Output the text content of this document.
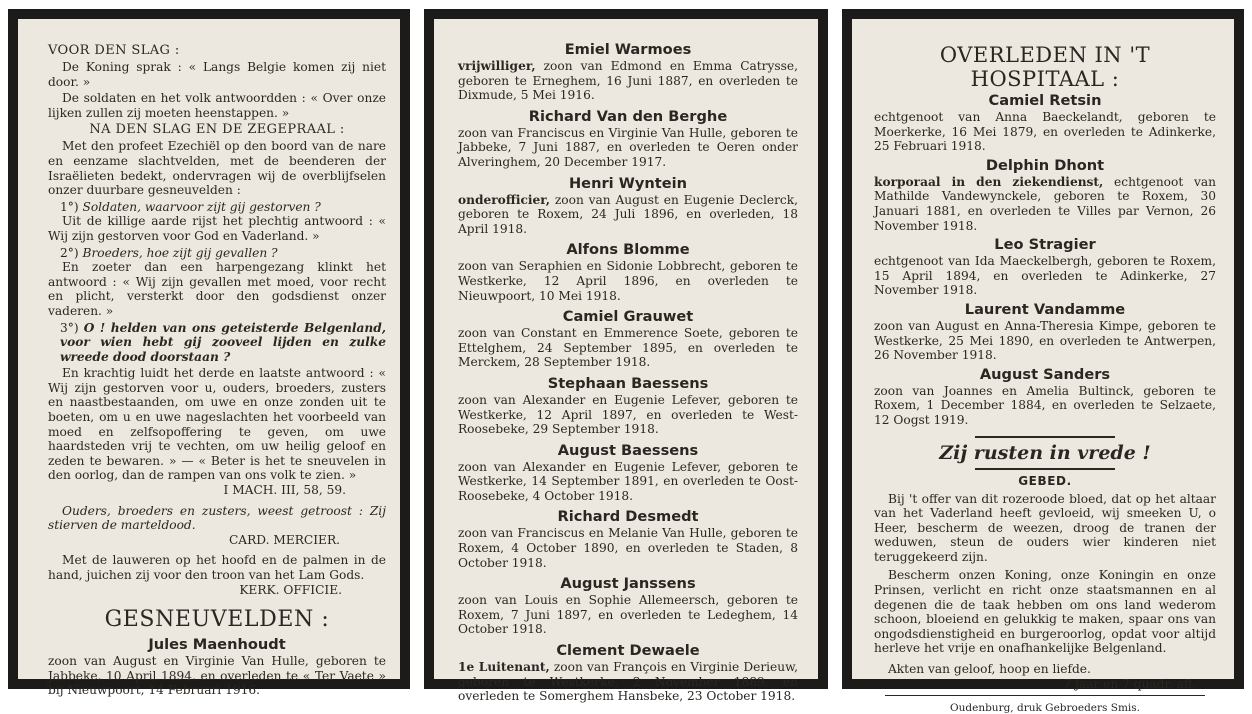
VOOR DEN SLAG :
De Koning sprak : « Langs Belgie komen zij niet door. »
De soldaten en het volk antwoordden : « Over onze lijken zullen zij moeten heenstappen. »
NA DEN SLAG EN DE ZEGEPRAAL :
Met den profeet Ezechiël op den boord van de nare en eenzame slachtvelden, met de beenderen der Israëlieten bedekt, ondervragen wij de overblijfselen onzer duurbare gesneuvelden :
1°) Soldaten, waarvoor zijt gij gestorven ?
Uit de killige aarde rijst het plechtig antwoord : « Wij zijn gestorven voor God en Vaderland. »
2°) Broeders, hoe zijt gij gevallen ?
En zoeter dan een harpengezang klinkt het antwoord : « Wij zijn gevallen met moed, voor recht en plicht, versterkt door den godsdienst onzer vaderen. »
3°) O ! helden van ons geteisterde Belgenland, voor wien hebt gij zooveel lijden en zulke wreede dood doorstaan ?
En krachtig luidt het derde en laatste antwoord : « Wij zijn gestorven voor u, ouders, broeders, zusters en naastbestaanden, om uwe en onze zonden uit te boeten, om u en uwe nageslachten het voorbeeld van moed en zelfsopoffering te geven, om uwe haardsteden vrij te vechten, om uw heilig geloof en zeden te bewaren. » — « Beter is het te sneuvelen in den oorlog, dan de rampen van ons volk te zien. »
I MACH. III, 58, 59.
Ouders, broeders en zusters, weest getroost : Zij stierven de marteldood.
CARD. MERCIER.
Met de lauweren op het hoofd en de palmen in de hand, juichen zij voor den troon van het Lam Gods.
KERK. OFFICIE.
GESNEUVELDEN :
Jules Maenhoudt
zoon van August en Virginie Van Hulle, geboren te Jabbeke, 10 April 1894, en overleden te « Ter Vaete » bij Nieuwpoort, 14 Februari 1916.
Emiel Warmoes
vrijwilliger, zoon van Edmond en Emma Catrysse, geboren te Erneghem, 16 Juni 1887, en overleden te Dixmude, 5 Mei 1916.
Richard Van den Berghe
zoon van Franciscus en Virginie Van Hulle, geboren te Jabbeke, 7 Juni 1887, en overleden te Oeren onder Alveringhem, 20 December 1917.
Henri Wyntein
onderofficier, zoon van August en Eugenie Declerck, geboren te Roxem, 24 Juli 1896, en overleden, 18 April 1918.
Alfons Blomme
zoon van Seraphien en Sidonie Lobbrecht, geboren te Westkerke, 12 April 1896, en overleden te Nieuwpoort, 10 Mei 1918.
Camiel Grauwet
zoon van Constant en Emmerence Soete, geboren te Ettelghem, 24 September 1895, en overleden te Merckem, 28 September 1918.
Stephaan Baessens
zoon van Alexander en Eugenie Lefever, geboren te Westkerke, 12 April 1897, en overleden te West-Roosebeke, 29 September 1918.
August Baessens
zoon van Alexander en Eugenie Lefever, geboren te Westkerke, 14 September 1891, en overleden te Oost-Roosebeke, 4 October 1918.
Richard Desmedt
zoon van Franciscus en Melanie Van Hulle, geboren te Roxem, 4 October 1890, en overleden te Staden, 8 October 1918.
August Janssens
zoon van Louis en Sophie Allemeersch, geboren te Roxem, 7 Juni 1897, en overleden te Ledeghem, 14 October 1918.
Clement Dewaele
1e Luitenant, zoon van François en Virginie Derieuw, geboren te Westkerke, 2 November 1889, en overleden te Somerghem Hansbeke, 23 October 1918.
OVERLEDEN IN 'T HOSPITAAL :
Camiel Retsin
echtgenoot van Anna Baeckelandt, geboren te Moerkerke, 16 Mei 1879, en overleden te Adinkerke, 25 Februari 1918.
Delphin Dhont
korporaal in den ziekendienst, echtgenoot van Mathilde Vandewynckele, geboren te Roxem, 30 Januari 1881, en overleden te Villes par Vernon, 26 November 1918.
Leo Stragier
echtgenoot van Ida Maeckelbergh, geboren te Roxem, 15 April 1894, en overleden te Adinkerke, 27 November 1918.
Laurent Vandamme
zoon van August en Anna-Theresia Kimpe, geboren te Westkerke, 25 Mei 1890, en overleden te Antwerpen, 26 November 1918.
August Sanders
zoon van Joannes en Amelia Bultinck, geboren te Roxem, 1 December 1884, en overleden te Selzaete, 12 Oogst 1919.
Zij rusten in vrede !
GEBED.
Bij 't offer van dit rozeroode bloed, dat op het altaar van het Vaderland heeft gevloeid, wij smeeken U, o Heer, bescherm de weezen, droog de tranen der weduwen, steun de ouders wier kinderen niet teruggekeerd zijn.
Bescherm onzen Koning, onze Koningin en onze Prinsen, verlicht en richt onze staatsmannen en al degenen die de taak hebben om ons land wederom schoon, bloeiend en gelukkig te maken, spaar ons van ongodsdienstigheid en burgeroorlog, opdat voor altijd herleve het vrije en onafhankelijke Belgenland.
Akten van geloof, hoop en liefde.
7 jaar en 7 quadr. afl.
Oudenburg, druk Gebroeders Smis.
